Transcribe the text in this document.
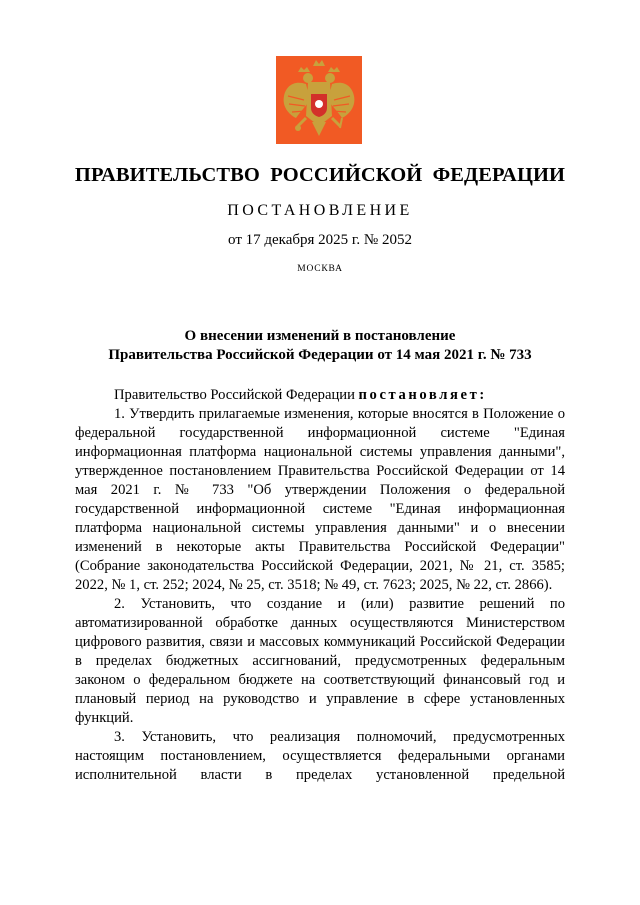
ПРАВИТЕЛЬСТВО РОССИЙСКОЙ ФЕДЕРАЦИИ
ПОСТАНОВЛЕНИЕ
от 17 декабря 2025 г. № 2052
МОСКВА
О внесении изменений в постановление
Правительства Российской Федерации от 14 мая 2021 г. № 733

Правительство Российской Федерации постановляет:

1. Утвердить прилагаемые изменения, которые вносятся в Положение о федеральной государственной информационной системе "Единая информационная платформа национальной системы управления данными", утвержденное постановлением Правительства Российской Федерации от 14 мая 2021 г. № 733 "Об утверждении Положения о федеральной государственной информационной системе "Единая информационная платформа национальной системы управления данными" и о внесении изменений в некоторые акты Правительства Российской Федерации" (Собрание законодательства Российской Федерации, 2021, № 21, ст. 3585; 2022, № 1, ст. 252; 2024, № 25, ст. 3518; № 49, ст. 7623; 2025, № 22, ст. 2866).

2. Установить, что создание и (или) развитие решений по автоматизированной обработке данных осуществляются Министерством цифрового развития, связи и массовых коммуникаций Российской Федерации в пределах бюджетных ассигнований, предусмотренных федеральным законом о федеральном бюджете на соответствующий финансовый год и плановый период на руководство и управление в сфере установленных функций.

3. Установить, что реализация полномочий, предусмотренных настоящим постановлением, осуществляется федеральными органами исполнительной власти в пределах установленной предельной
